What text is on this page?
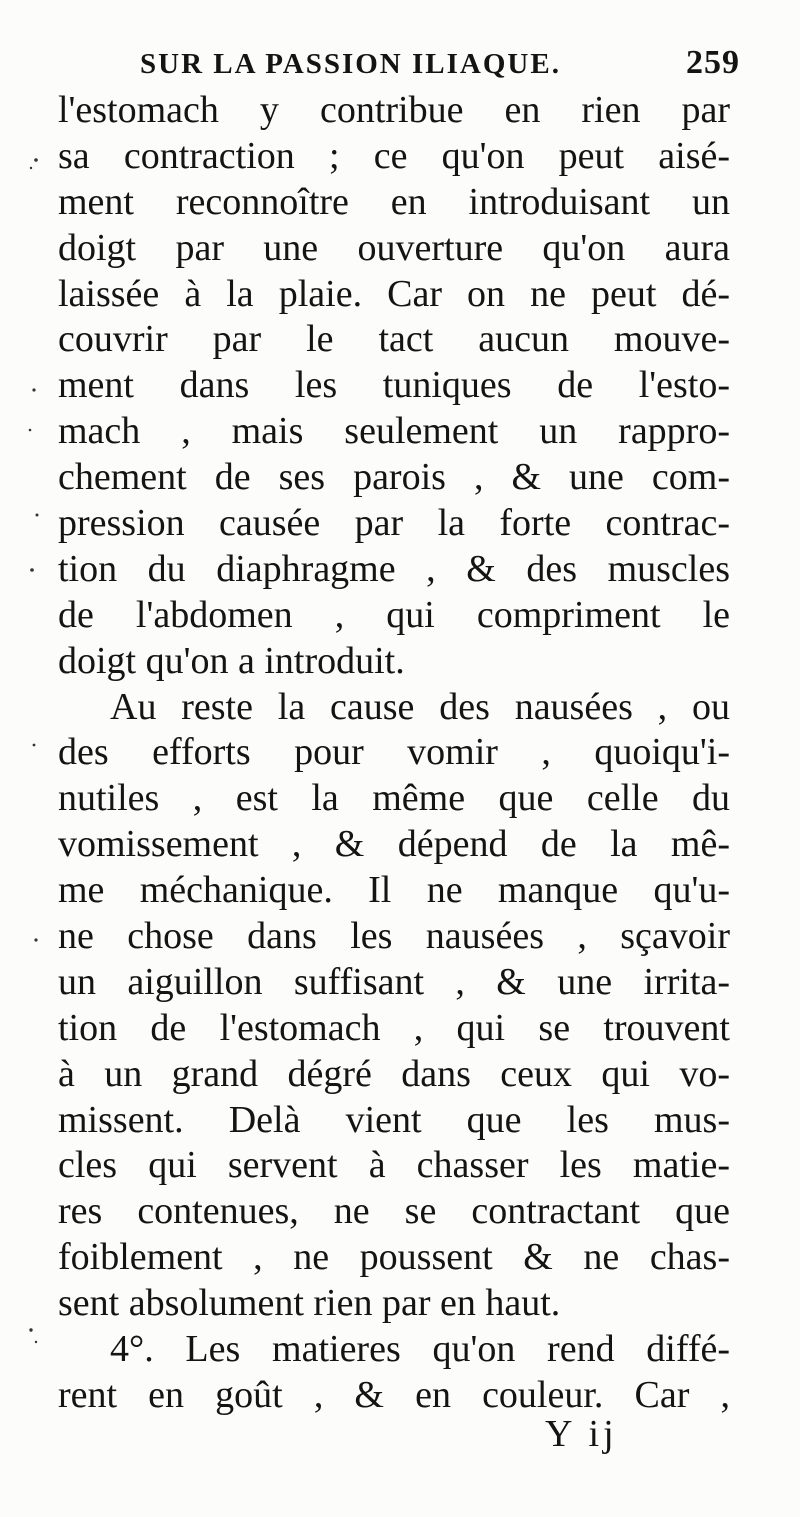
SUR LA PASSION ILIAQUE.	259
l'estomach y contribue en rien par
sa contraction ; ce qu'on peut aisé-
ment reconnoître en introduisant un
doigt par une ouverture qu'on aura
laissée à la plaie. Car on ne peut dé-
couvrir par le tact aucun mouve-
ment dans les tuniques de l'esto-
mach , mais seulement un rappro-
chement de ses parois , & une com-
pression causée par la forte contrac-
tion du diaphragme , & des muscles
de l'abdomen , qui compriment le
doigt qu'on a introduit.
Au reste la cause des nausées , ou
des efforts pour vomir , quoiqu'i-
nutiles , est la même que celle du
vomissement , & dépend de la mê-
me méchanique. Il ne manque qu'u-
ne chose dans les nausées , sçavoir
un aiguillon suffisant , & une irrita-
tion de l'estomach , qui se trouvent
à un grand dégré dans ceux qui vo-
missent. Delà vient que les mus-
cles qui servent à chasser les matie-
res contenues, ne se contractant que
foiblement , ne poussent & ne chas-
sent absolument rien par en haut.
4°. Les matieres qu'on rend diffé-
rent en goût , & en couleur. Car ,
Y ij
